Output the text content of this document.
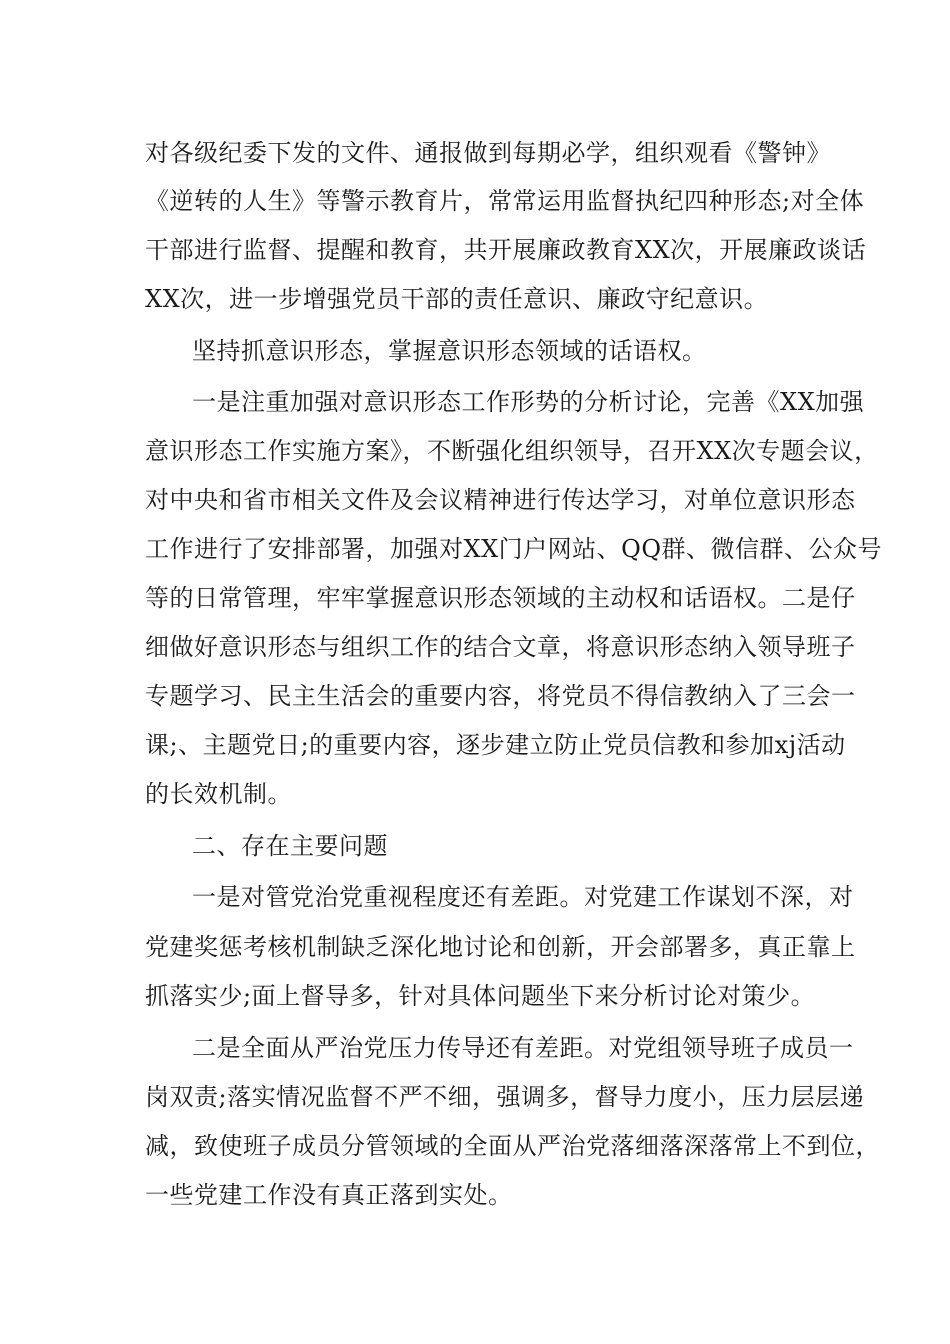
对各级纪委下发的文件、通报做到每期必学，组织观看《警钟》
《逆转的人生》等警示教育片，常常运用监督执纪四种形态;对全体
干部进行监督、提醒和教育，共开展廉政教育XX次，开展廉政谈话
XX次，进一步增强党员干部的责任意识、廉政守纪意识。
坚持抓意识形态，掌握意识形态领域的话语权。
一是注重加强对意识形态工作形势的分析讨论，完善《XX加强
意识形态工作实施方案》，不断强化组织领导，召开XX次专题会议，
对中央和省市相关文件及会议精神进行传达学习，对单位意识形态
工作进行了安排部署，加强对XX门户网站、QQ群、微信群、公众号
等的日常管理，牢牢掌握意识形态领域的主动权和话语权。二是仔
细做好意识形态与组织工作的结合文章，将意识形态纳入领导班子
专题学习、民主生活会的重要内容，将党员不得信教纳入了三会一
课;、主题党日;的重要内容，逐步建立防止党员信教和参加xj活动
的长效机制。
二、存在主要问题
一是对管党治党重视程度还有差距。对党建工作谋划不深，对
党建奖惩考核机制缺乏深化地讨论和创新，开会部署多，真正靠上
抓落实少;面上督导多，针对具体问题坐下来分析讨论对策少。
二是全面从严治党压力传导还有差距。对党组领导班子成员一
岗双责;落实情况监督不严不细，强调多，督导力度小，压力层层递
减，致使班子成员分管领域的全面从严治党落细落深落常上不到位，
一些党建工作没有真正落到实处。
